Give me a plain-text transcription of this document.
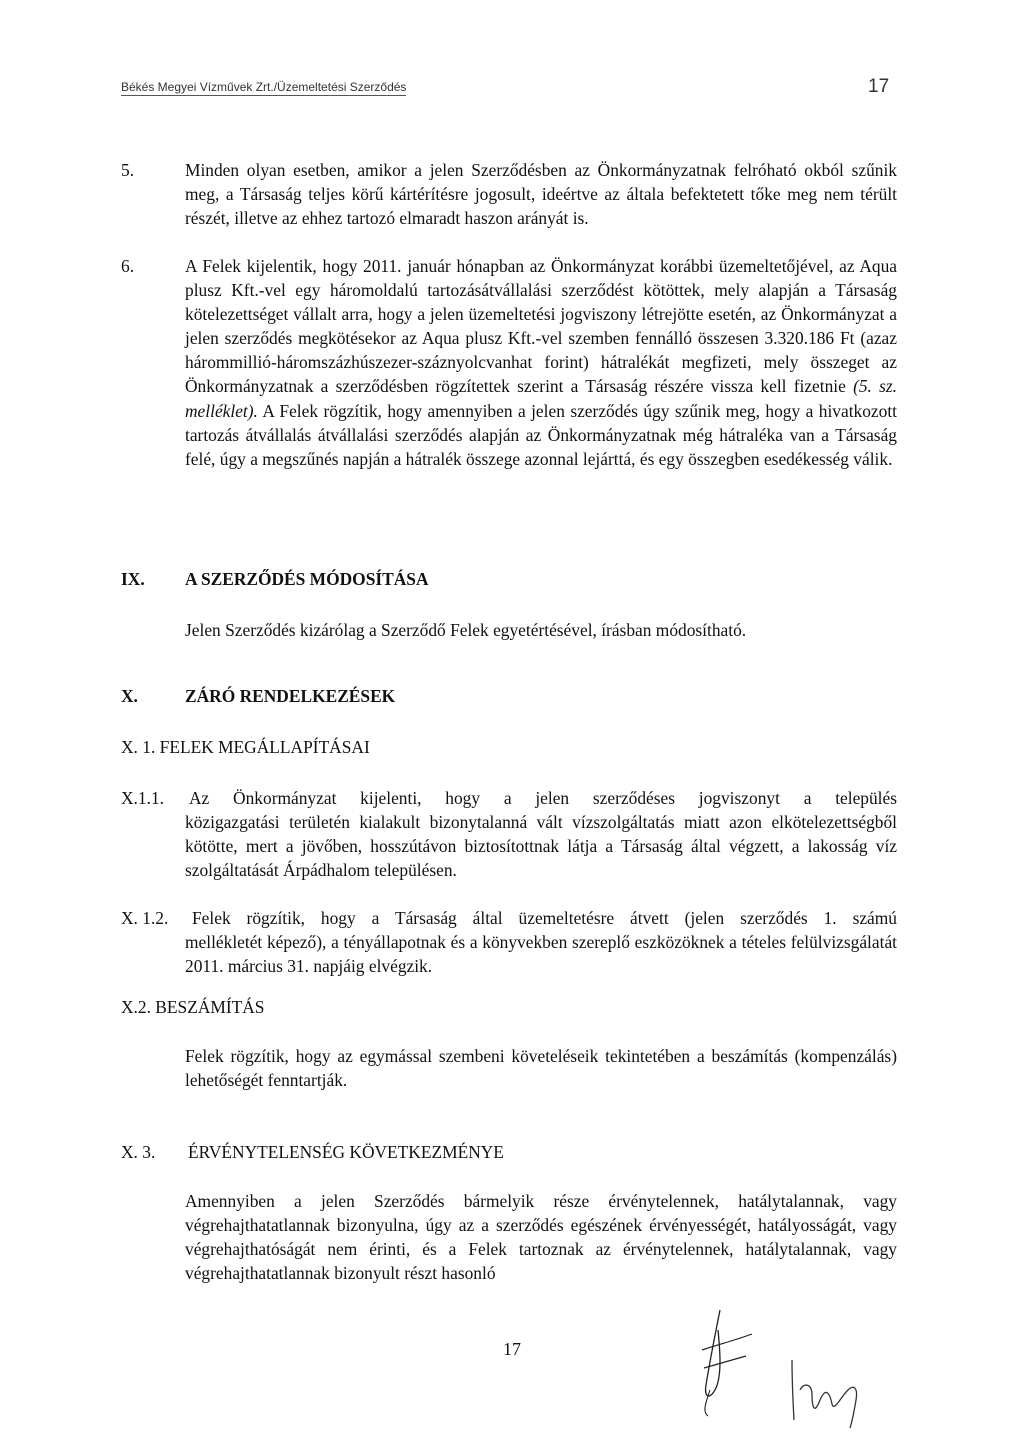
Békés Megyei Vízművek Zrt./Üzemeltetési Szerződés	17
5.	Minden olyan esetben, amikor a jelen Szerződésben az Önkormányzatnak felróható okból szűnik meg, a Társaság teljes körű kártérítésre jogosult, ideértve az általa befektetett tőke meg nem térült részét, illetve az ehhez tartozó elmaradt haszon arányát is.
6.	A Felek kijelentik, hogy 2011. január hónapban az Önkormányzat korábbi üzemeltetőjével, az Aqua plusz Kft.-vel egy háromoldalú tartozásátvállalási szerződést kötöttek, mely alapján a Társaság kötelezettséget vállalt arra, hogy a jelen üzemeltetési jogviszony létrejötte esetén, az Önkormányzat a jelen szerződés megkötésekor az Aqua plusz Kft.-vel szemben fennálló összesen 3.320.186 Ft (azaz hárommillió-háromszázhúszezer-száznyolcvanhat forint) hátralékát megfizeti, mely összeget az Önkormányzatnak a szerződésben rögzítettek szerint a Társaság részére vissza kell fizetnie (5. sz. melléklet). A Felek rögzítik, hogy amennyiben a jelen szerződés úgy szűnik meg, hogy a hivatkozott tartozás átvállalás átvállalási szerződés alapján az Önkormányzatnak még hátraléka van a Társaság felé, úgy a megszűnés napján a hátralék összege azonnal lejárttá, és egy összegben esedékesség válik.
IX. A SZERZŐDÉS MÓDOSÍTÁSA
Jelen Szerződés kizárólag a Szerződő Felek egyetértésével, írásban módosítható.
X.	ZÁRÓ RENDELKEZÉSEK
X. 1. FELEK MEGÁLLAPÍTÁSAI
X.1.1. Az Önkormányzat kijelenti, hogy a jelen szerződéses jogviszonyt a település
közigazgatási területén kialakult bizonytalanná vált vízszolgáltatás miatt azon elkötelezettségből kötötte, mert a jövőben, hosszútávon biztosítottnak látja a Társaság által végzett, a lakosság víz szolgáltatását Árpádhalom településen.
X. 1.2. Felek rögzítik, hogy a Társaság által üzemeltetésre átvett (jelen szerződés 1. számú
mellékletét képező), a tényállapotnak és a könyvekben szereplő eszközöknek a tételes felülvizsgálatát 2011. március 31. napjáig elvégzik.
X.2. BESZÁMÍTÁS
Felek rögzítik, hogy az egymással szembeni követeléseik tekintetében a beszámítás (kompenzálás) lehetőségét fenntartják.
X. 3. ÉRVÉNYTELENSÉG KÖVETKEZMÉNYE
Amennyiben a jelen Szerződés bármelyik része érvénytelennek, hatálytalannak, vagy végrehajthatatlannak bizonyulna, úgy az a szerződés egészének érvényességét, hatályosságát, vagy végrehajthatóságát nem érinti, és a Felek tartoznak az érvénytelennek, hatálytalannak, vagy végrehajthatatlannak bizonyult részt hasonló
17
